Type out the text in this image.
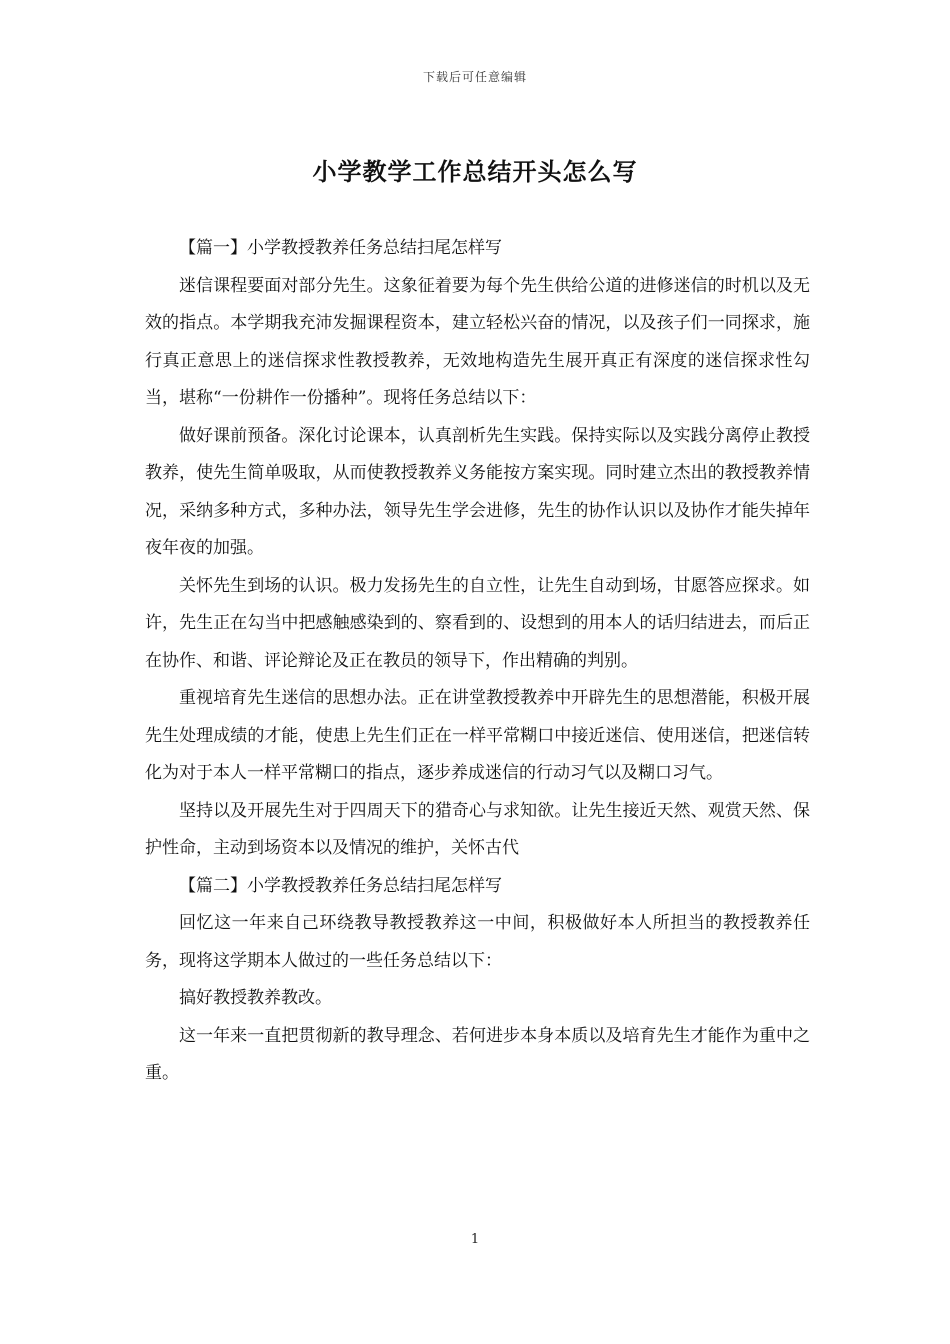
下载后可任意编辑
小学教学工作总结开头怎么写

【篇一】小学教授教养任务总结扫尾怎样写

迷信课程要面对部分先生。这象征着要为每个先生供给公道的进修迷信的时机以及无效的指点。本学期我充沛发掘课程资本，建立轻松兴奋的情况，以及孩子们一同探求，施行真正意思上的迷信探求性教授教养，无效地构造先生展开真正有深度的迷信探求性勾当，堪称“一份耕作一份播种”。现将任务总结以下：

做好课前预备。深化讨论课本，认真剖析先生实践。保持实际以及实践分离停止教授教养，使先生简单吸取，从而使教授教养义务能按方案实现。同时建立杰出的教授教养情况，采纳多种方式，多种办法，领导先生学会进修，先生的协作认识以及协作才能失掉年夜年夜的加强。

关怀先生到场的认识。极力发扬先生的自立性，让先生自动到场，甘愿答应探求。如许，先生正在勾当中把感触感染到的、察看到的、设想到的用本人的话归结进去，而后正在协作、和谐、评论辩论及正在教员的领导下，作出精确的判别。

重视培育先生迷信的思想办法。正在讲堂教授教养中开辟先生的思想潜能，积极开展先生处理成绩的才能，使患上先生们正在一样平常糊口中接近迷信、使用迷信，把迷信转化为对于本人一样平常糊口的指点，逐步养成迷信的行动习气以及糊口习气。

坚持以及开展先生对于四周天下的猎奇心与求知欲。让先生接近天然、观赏天然、保护性命，主动到场资本以及情况的维护，关怀古代

【篇二】小学教授教养任务总结扫尾怎样写

回忆这一年来自己环绕教导教授教养这一中间，积极做好本人所担当的教授教养任务，现将这学期本人做过的一些任务总结以下：

搞好教授教养教改。

这一年来一直把贯彻新的教导理念、若何进步本身本质以及培育先生才能作为重中之重。

1
